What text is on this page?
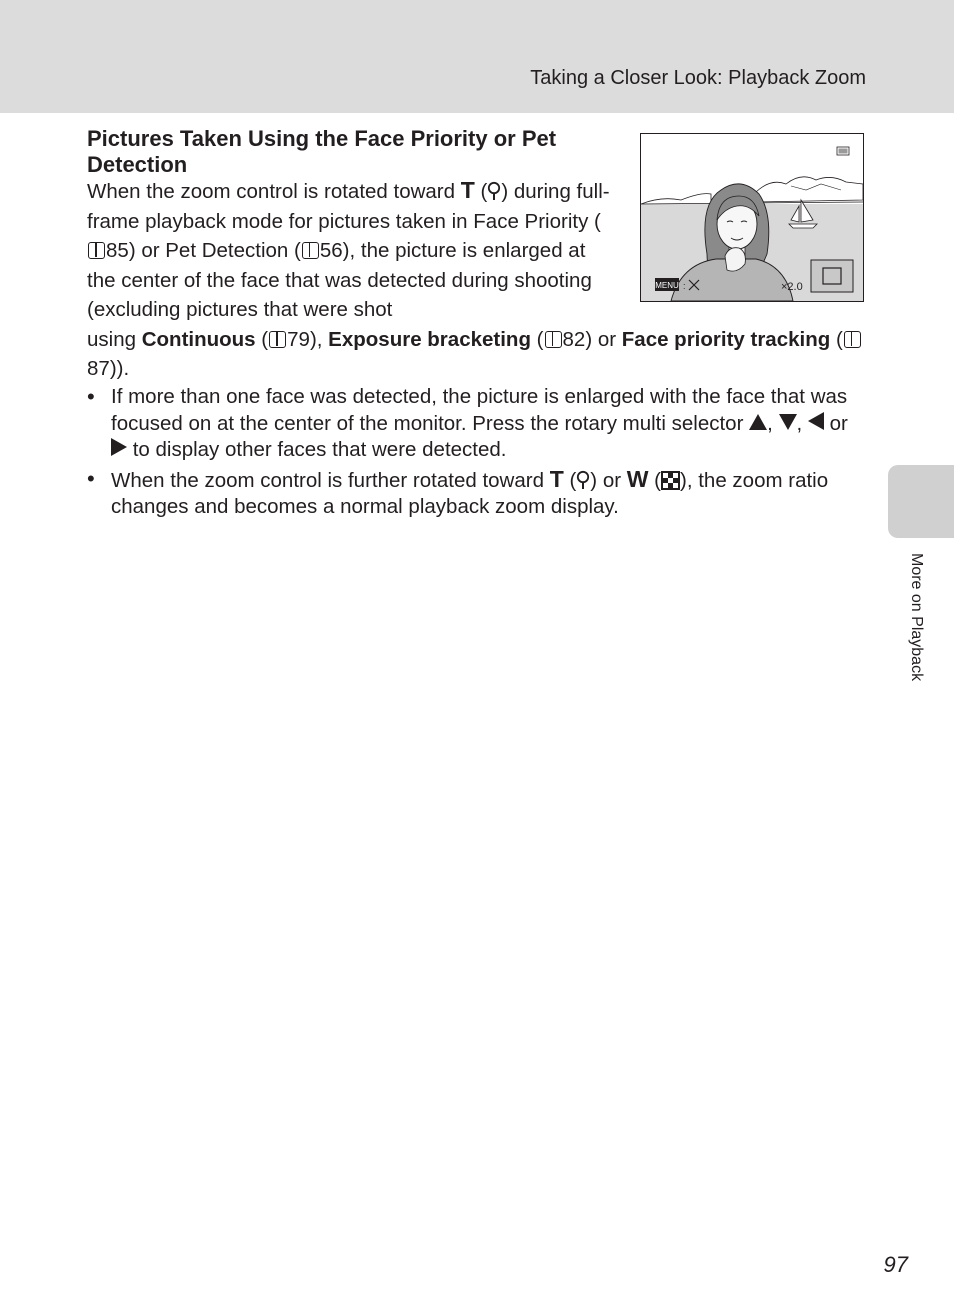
Taking a Closer Look: Playback Zoom
Pictures Taken Using the Face Priority or Pet Detection

When the zoom control is rotated toward T ( ) during full-frame playback mode for pictures taken in Face Priority (85) or Pet Detection ( 56), the picture is enlarged at the center of the face that was detected during shooting (excluding pictures that were shot
using Continuous ( 79), Exposure bracketing ( 82) or Face priority tracking (87)).

• If more than one face was detected, the picture is enlarged with the face that was focused on at the center of the monitor. Press the rotary multi selector , , or  to display other faces that were detected.
• When the zoom control is further rotated toward T ( ) or W ( ), the zoom ratio changes and becomes a normal playback zoom display.
MENU :	×2.0
More on Playback
97
